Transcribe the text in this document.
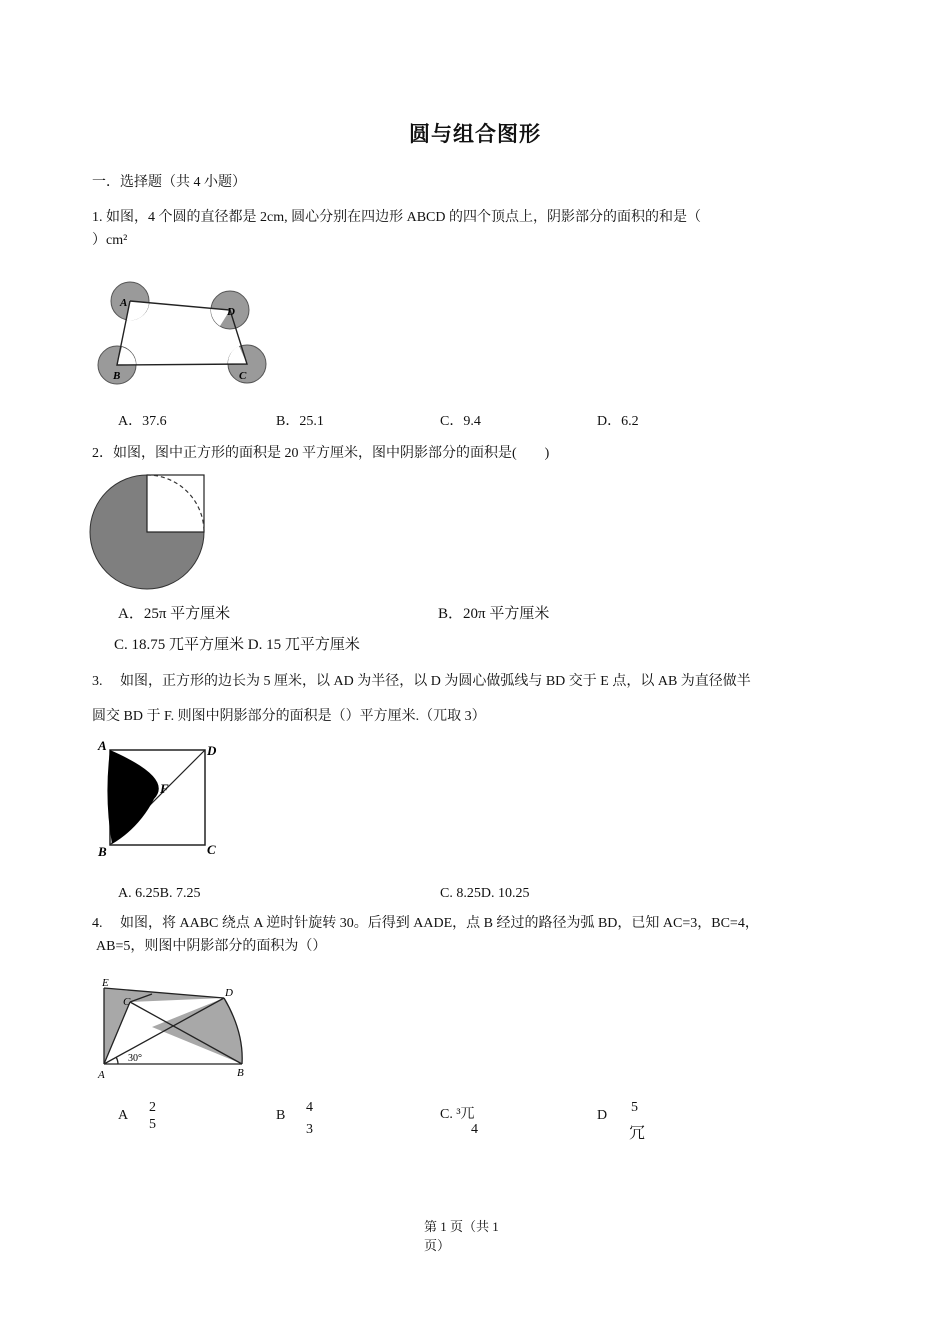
圆与组合图形
一．选择题（共 4 小题）
1. 如图，4 个圆的直径都是 2cm, 圆心分别在四边形 ABCD 的四个顶点上，阴影部分的面积的和是（
）cm²
A
D
B	C
A．37.6	B．25.1	C．9.4	D．6.2
2．如图，图中正方形的面积是 20 平方厘米，图中阴影部分的面积是(　　)
A．25π 平方厘米	B．20π 平方厘米
C. 18.75 兀平方厘米 D. 15 兀平方厘米
3.　 如图，正方形的边长为 5 厘米，以 AD 为半径，以 D 为圆心做弧线与 BD 交于 E 点，以 AB 为直径做半
圆交 BD 于 F. 则图中阴影部分的面积是（）平方厘米.（兀取 3）
A	D
F
E
B	C
A. 6.25B. 7.25	C. 8.25D. 10.25
4.　 如图，将 AABC 绕点 A 逆时针旋转 30。后得到 AADE，点 B 经过的路径为弧 BD，已知 AC=3，BC=4，
AB=5，则图中阴影部分的面积为（）
E
C
D
A	B
30°
A
2
5
B
4
3
C. ³兀
4
D
5
冗
第 1 页（共 1
页）
